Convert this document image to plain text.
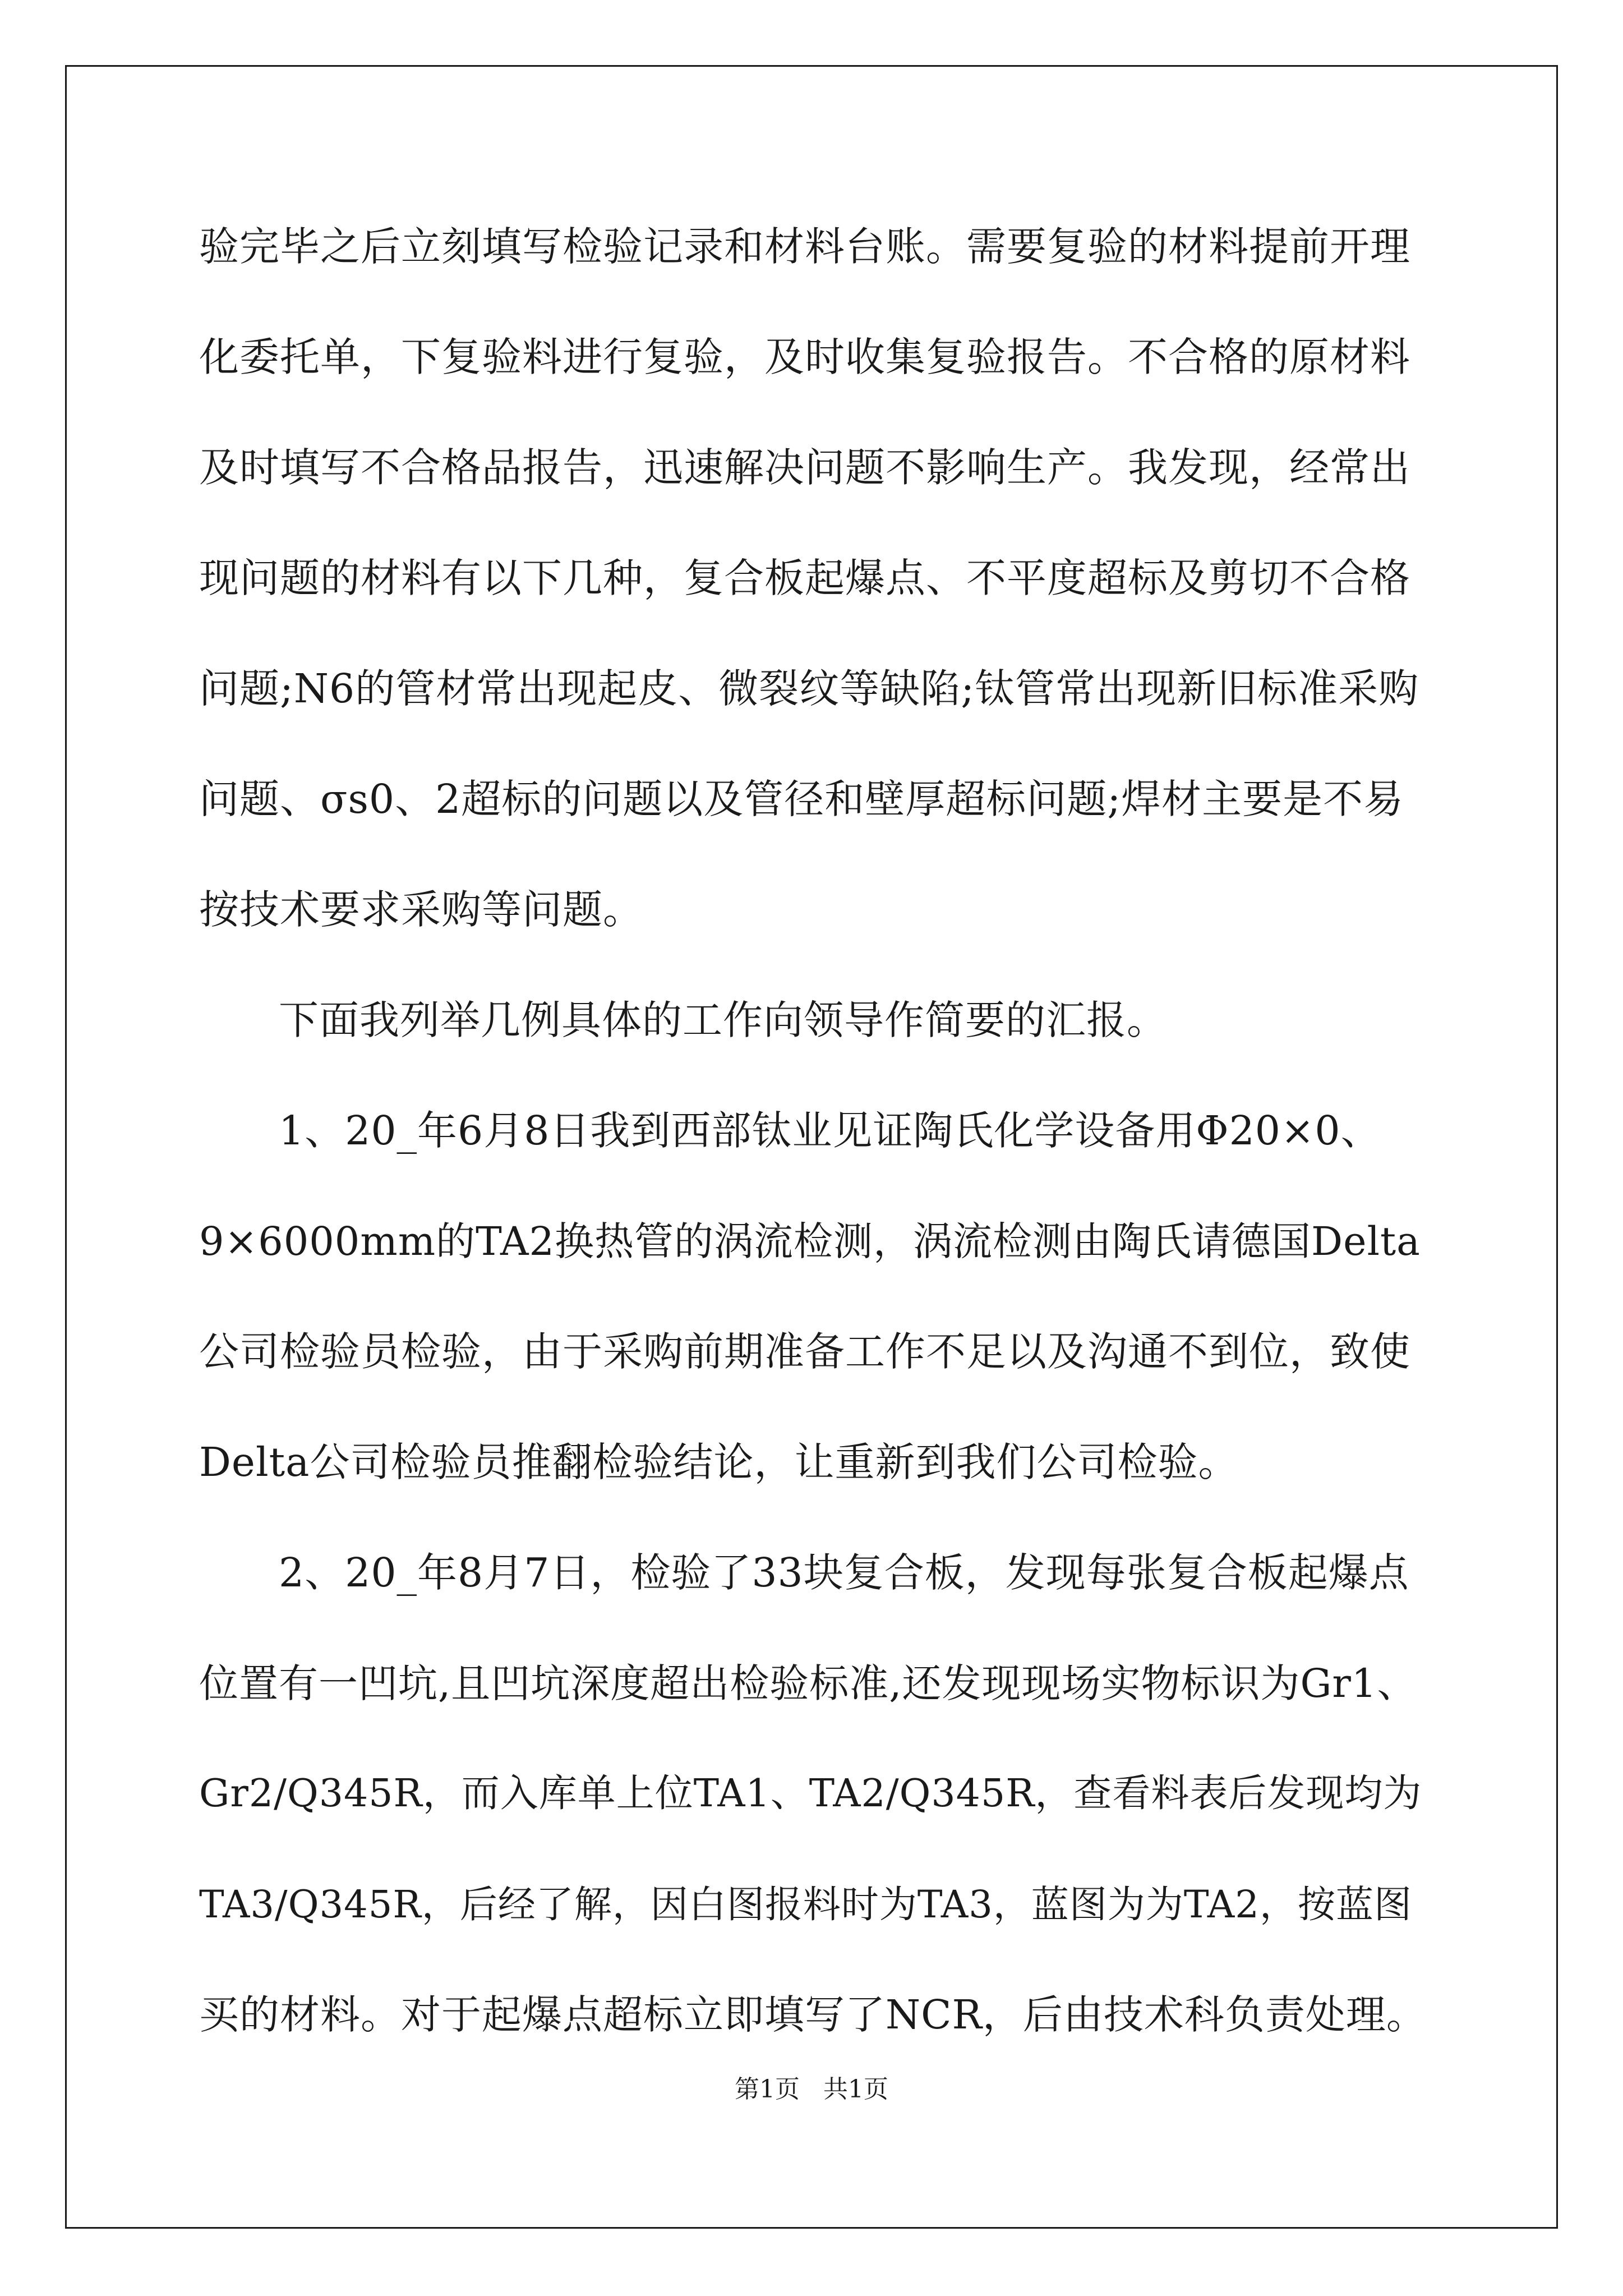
验完毕之后立刻填写检验记录和材料台账。需要复验的材料提前开理
化委托单，下复验料进行复验，及时收集复验报告。不合格的原材料
及时填写不合格品报告，迅速解决问题不影响生产。我发现，经常出
现问题的材料有以下几种，复合板起爆点、不平度超标及剪切不合格
问题;N6的管材常出现起皮、微裂纹等缺陷;钛管常出现新旧标准采购
问题、σs0、2超标的问题以及管径和壁厚超标问题;焊材主要是不易
按技术要求采购等问题。
下面我列举几例具体的工作向领导作简要的汇报。
1、20_年6月8日我到西部钛业见证陶氏化学设备用Φ20×0、
9×6000mm的TA2换热管的涡流检测，涡流检测由陶氏请德国Delta
公司检验员检验，由于采购前期准备工作不足以及沟通不到位，致使
Delta公司检验员推翻检验结论，让重新到我们公司检验。
2、20_年8月7日，检验了33块复合板，发现每张复合板起爆点
位置有一凹坑,且凹坑深度超出检验标准,还发现现场实物标识为Gr1、
Gr2/Q345R，而入库单上位TA1、TA2/Q345R，查看料表后发现均为
TA3/Q345R，后经了解，因白图报料时为TA3，蓝图为为TA2，按蓝图
买的材料。对于起爆点超标立即填写了NCR，后由技术科负责处理。
第1页   共1页
